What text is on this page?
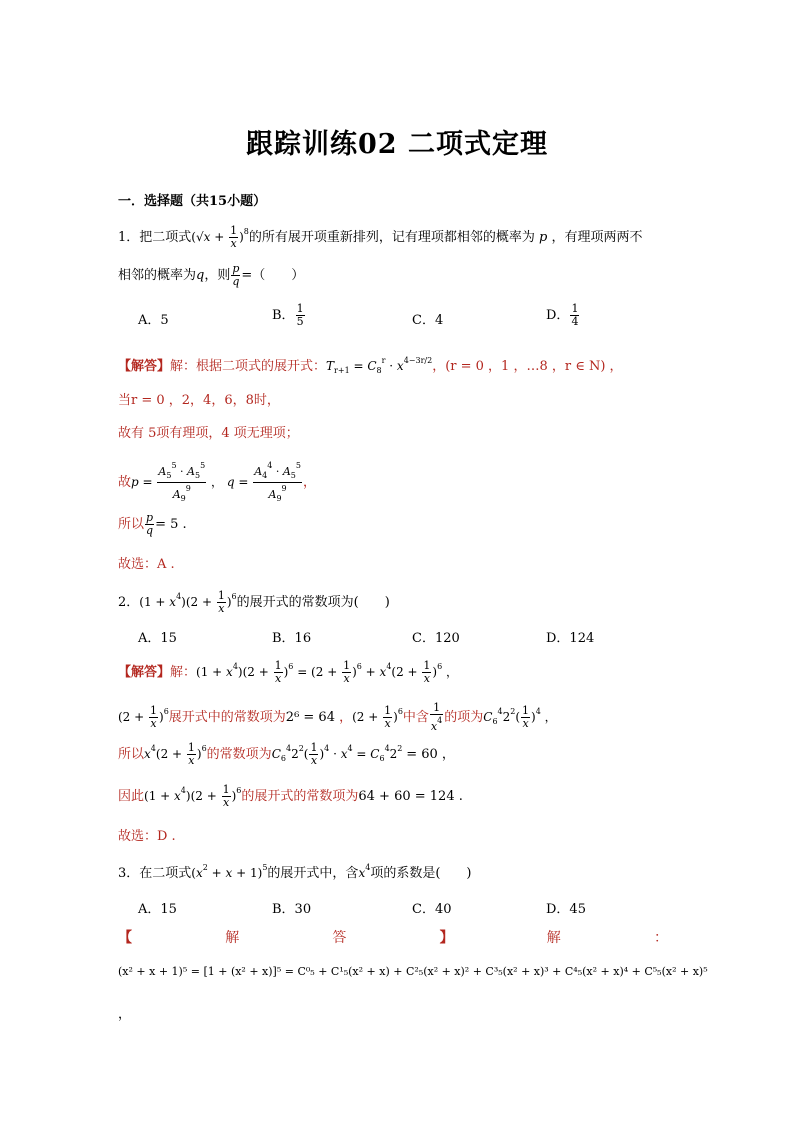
跟踪训练02 二项式定理
一．选择题（共15小题）
1．把二项式$(√x + \frac{1}{x} )^8$的所有展开项重新排列，记有理项都相邻的概率为 p ，有理项两两不
相邻的概率为q，则 $\frac{p}{q}$ =（　　）
A．5	B． $\frac{1}{5}$	C．4	D． $\frac{1}{4}$
【解答】解：根据二项式的展开式：$T_{r+1} = C_8^r \cdot x^{4-3r/2}$，(r = 0 ，1 ，…8 ，r ∈ N) ，
当r = 0 ，2，4，6，8时，
故有 5项有理项，4 项无理项；
故$p = \frac{A_5^5 \cdot A_5^5}{A_9^9}$ ， $q = \frac{A_4^4 \cdot A_5^5}{A_9^9}$ ，
所以 $\frac{p}{q} = 5$ .
故选：A .
2．$(1 + x^4)(2 + \frac{1}{x} )^6$的展开式的常数项为(　　)
A．15	B．16	C．120	D．124
【解答】解：$(1 + x^4)(2 + \frac{1}{x} )^6 = (2 + \frac{1}{x} )^6 + x^4(2 + \frac{1}{x} )^6$ ，
$(2 + \frac{1}{x} )^6$展开式中的常数项为2⁶ = 64 ，$(2 + \frac{1}{x} )^6$中含 $\frac{1}{x^4}$ 的项为$C_6^42^2( \frac{1}{x} )^4$ ，
所以$x^4(2 + \frac{1}{x} )^6$的常数项为$C_6^42^2( \frac{1}{x} )^4 \cdot x^4 = C_6^42^2 = 60$ ，
因此$(1 + x^4)(2 + \frac{1}{x} )^6$的展开式的常数项为64 + 60 = 124 .
故选：D .
3．在二项式$(x^2 + x + 1)^5$的展开式中，含$x^4$项的系数是(　　)
A．15	B．30	C．40	D．45
【	解	答	】	解	：
(x² + x + 1)⁵ = [1 + (x² + x)]⁵ = C⁰₅ + C¹₅(x² + x) + C²₅(x² + x)² + C³₅(x² + x)³ + C⁴₅(x² + x)⁴ + C⁵₅(x² + x)⁵
，
